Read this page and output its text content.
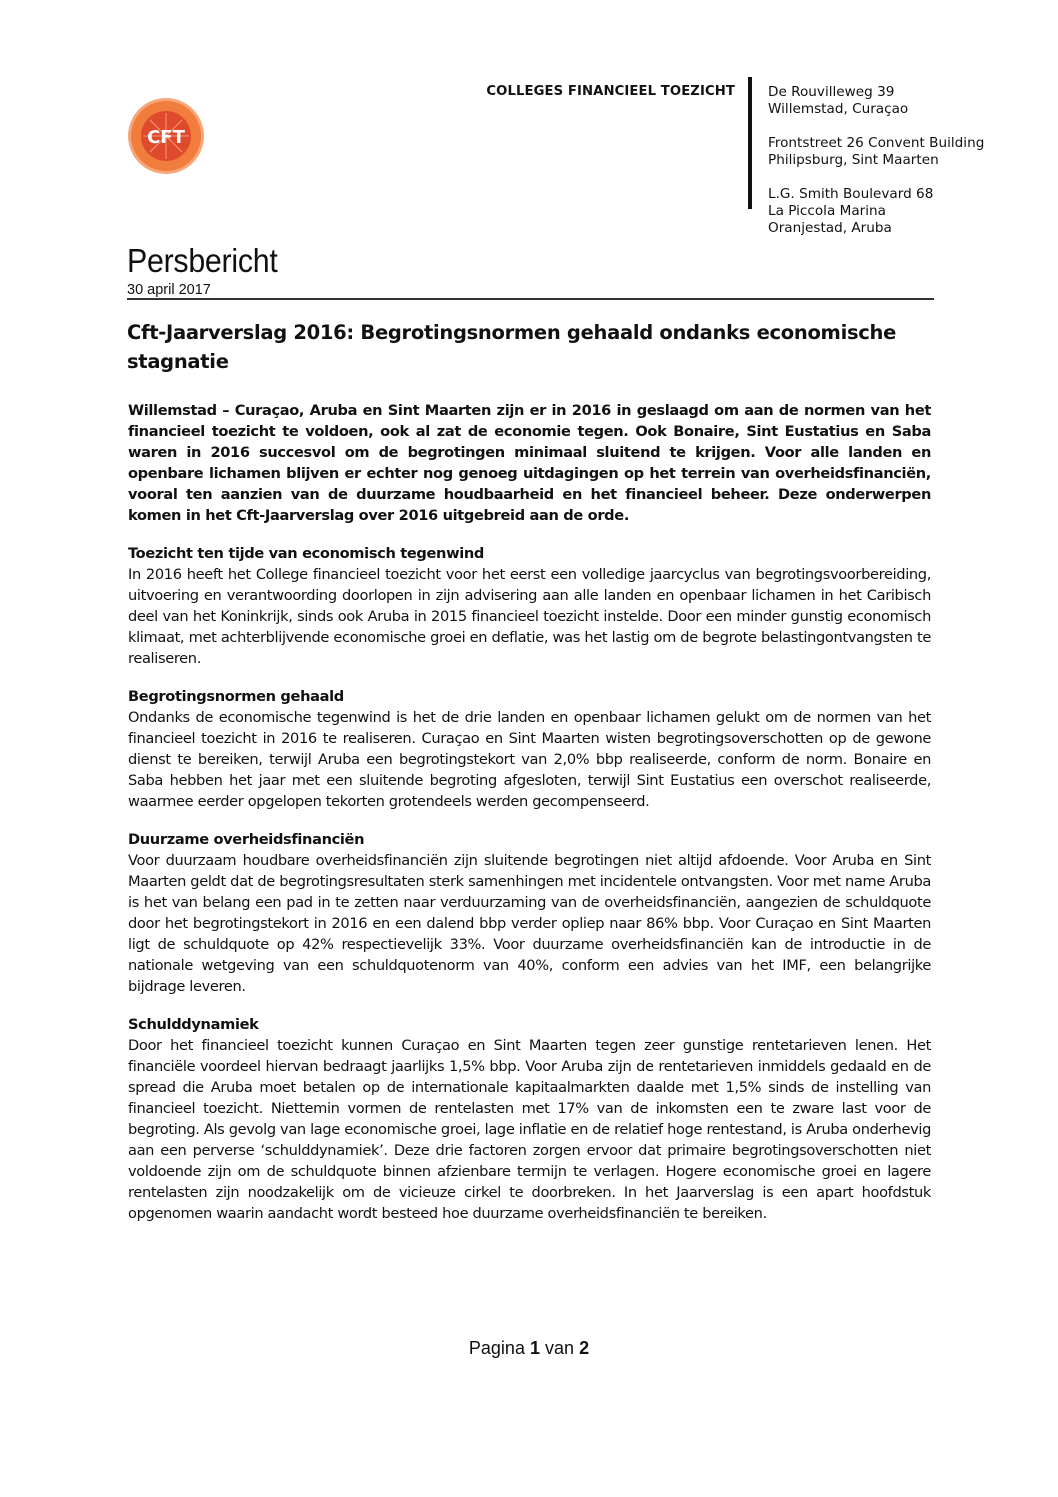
CFT
COLLEGES FINANCIEEL TOEZICHT De Rouvilleweg 39
Willemstad, Curaçao
Frontstreet 26 Convent Building
Philipsburg, Sint Maarten
L.G. Smith Boulevard 68
La Piccola Marina
Oranjestad, Aruba
Persbericht
30 april 2017
Cft-Jaarverslag 2016: Begrotingsnormen gehaald ondanks economische stagnatie

Willemstad – Curaçao, Aruba en Sint Maarten zijn er in 2016 in geslaagd om aan de normen van het financieel toezicht te voldoen, ook al zat de economie tegen. Ook Bonaire, Sint Eustatius en Saba waren in 2016 succesvol om de begrotingen minimaal sluitend te krijgen. Voor alle landen en openbare lichamen blijven er echter nog genoeg uitdagingen op het terrein van overheidsfinanciën, vooral ten aanzien van de duurzame houdbaarheid en het financieel beheer. Deze onderwerpen komen in het Cft-Jaarverslag over 2016 uitgebreid aan de orde.

Toezicht ten tijde van economisch tegenwind

In 2016 heeft het College financieel toezicht voor het eerst een volledige jaarcyclus van begrotingsvoorbereiding, uitvoering en verantwoording doorlopen in zijn advisering aan alle landen en openbaar lichamen in het Caribisch deel van het Koninkrijk, sinds ook Aruba in 2015 financieel toezicht instelde. Door een minder gunstig economisch klimaat, met achterblijvende economische groei en deflatie, was het lastig om de begrote belastingontvangsten te realiseren.

Begrotingsnormen gehaald

Ondanks de economische tegenwind is het de drie landen en openbaar lichamen gelukt om de normen van het financieel toezicht in 2016 te realiseren. Curaçao en Sint Maarten wisten begrotingsoverschotten op de gewone dienst te bereiken, terwijl Aruba een begrotingstekort van 2,0% bbp realiseerde, conform de norm. Bonaire en Saba hebben het jaar met een sluitende begroting afgesloten, terwijl Sint Eustatius een overschot realiseerde, waarmee eerder opgelopen tekorten grotendeels werden gecompenseerd.

Duurzame overheidsfinanciën

Voor duurzaam houdbare overheidsfinanciën zijn sluitende begrotingen niet altijd afdoende. Voor Aruba en Sint Maarten geldt dat de begrotingsresultaten sterk samenhingen met incidentele ontvangsten. Voor met name Aruba is het van belang een pad in te zetten naar verduurzaming van de overheidsfinanciën, aangezien de schuldquote door het begrotingstekort in 2016 en een dalend bbp verder opliep naar 86% bbp. Voor Curaçao en Sint Maarten ligt de schuldquote op 42% respectievelijk 33%. Voor duurzame overheidsfinanciën kan de introductie in de nationale wetgeving van een schuldquotenorm van 40%, conform een advies van het IMF, een belangrijke bijdrage leveren.

Schulddynamiek

Door het financieel toezicht kunnen Curaçao en Sint Maarten tegen zeer gunstige rentetarieven lenen. Het financiële voordeel hiervan bedraagt jaarlijks 1,5% bbp. Voor Aruba zijn de rentetarieven inmiddels gedaald en de spread die Aruba moet betalen op de internationale kapitaalmarkten daalde met 1,5% sinds de instelling van financieel toezicht. Niettemin vormen de rentelasten met 17% van de inkomsten een te zware last voor de begroting. Als gevolg van lage economische groei, lage inflatie en de relatief hoge rentestand, is Aruba onderhevig aan een perverse ‘schulddynamiek’. Deze drie factoren zorgen ervoor dat primaire begrotingsoverschotten niet voldoende zijn om de schuldquote binnen afzienbare termijn te verlagen. Hogere economische groei en lagere rentelasten zijn noodzakelijk om de vicieuze cirkel te doorbreken. In het Jaarverslag is een apart hoofdstuk opgenomen waarin aandacht wordt besteed hoe duurzame overheidsfinanciën te bereiken.

Pagina 1 van 2
